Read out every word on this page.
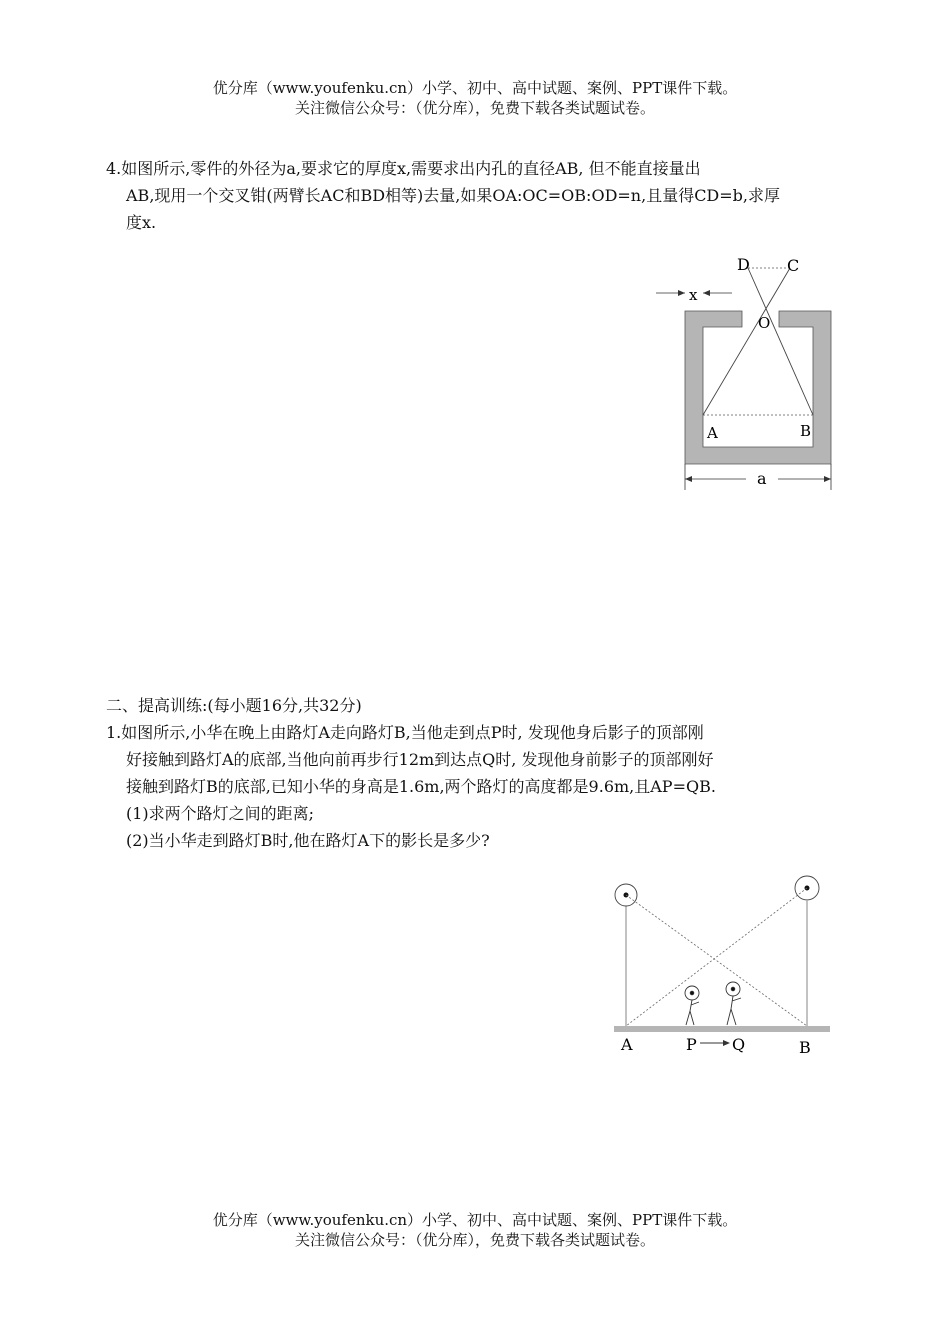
优分库（www.youfenku.cn）小学、初中、高中试题、案例、PPT课件下载。
关注微信公众号：（优分库），免费下载各类试题试卷。
4.如图所示,零件的外径为a,要求它的厚度x,需要求出内孔的直径AB, 但不能直接量出
AB,现用一个交叉钳(两臂长AC和BD相等)去量,如果OA:OC=OB:OD=n,且量得CD=b,求厚
度x.
D C
x
O
A	B
a
二、提高训练:(每小题16分,共32分)
1.如图所示,小华在晚上由路灯A走向路灯B,当他走到点P时, 发现他身后影子的顶部刚
好接触到路灯A的底部,当他向前再步行12m到达点Q时, 发现他身前影子的顶部刚好
接触到路灯B的底部,已知小华的身高是1.6m,两个路灯的高度都是9.6m,且AP=QB.
(1)求两个路灯之间的距离;
(2)当小华走到路灯B时,他在路灯A下的影长是多少?
A	P Q	B
优分库（www.youfenku.cn）小学、初中、高中试题、案例、PPT课件下载。
关注微信公众号：（优分库），免费下载各类试题试卷。
